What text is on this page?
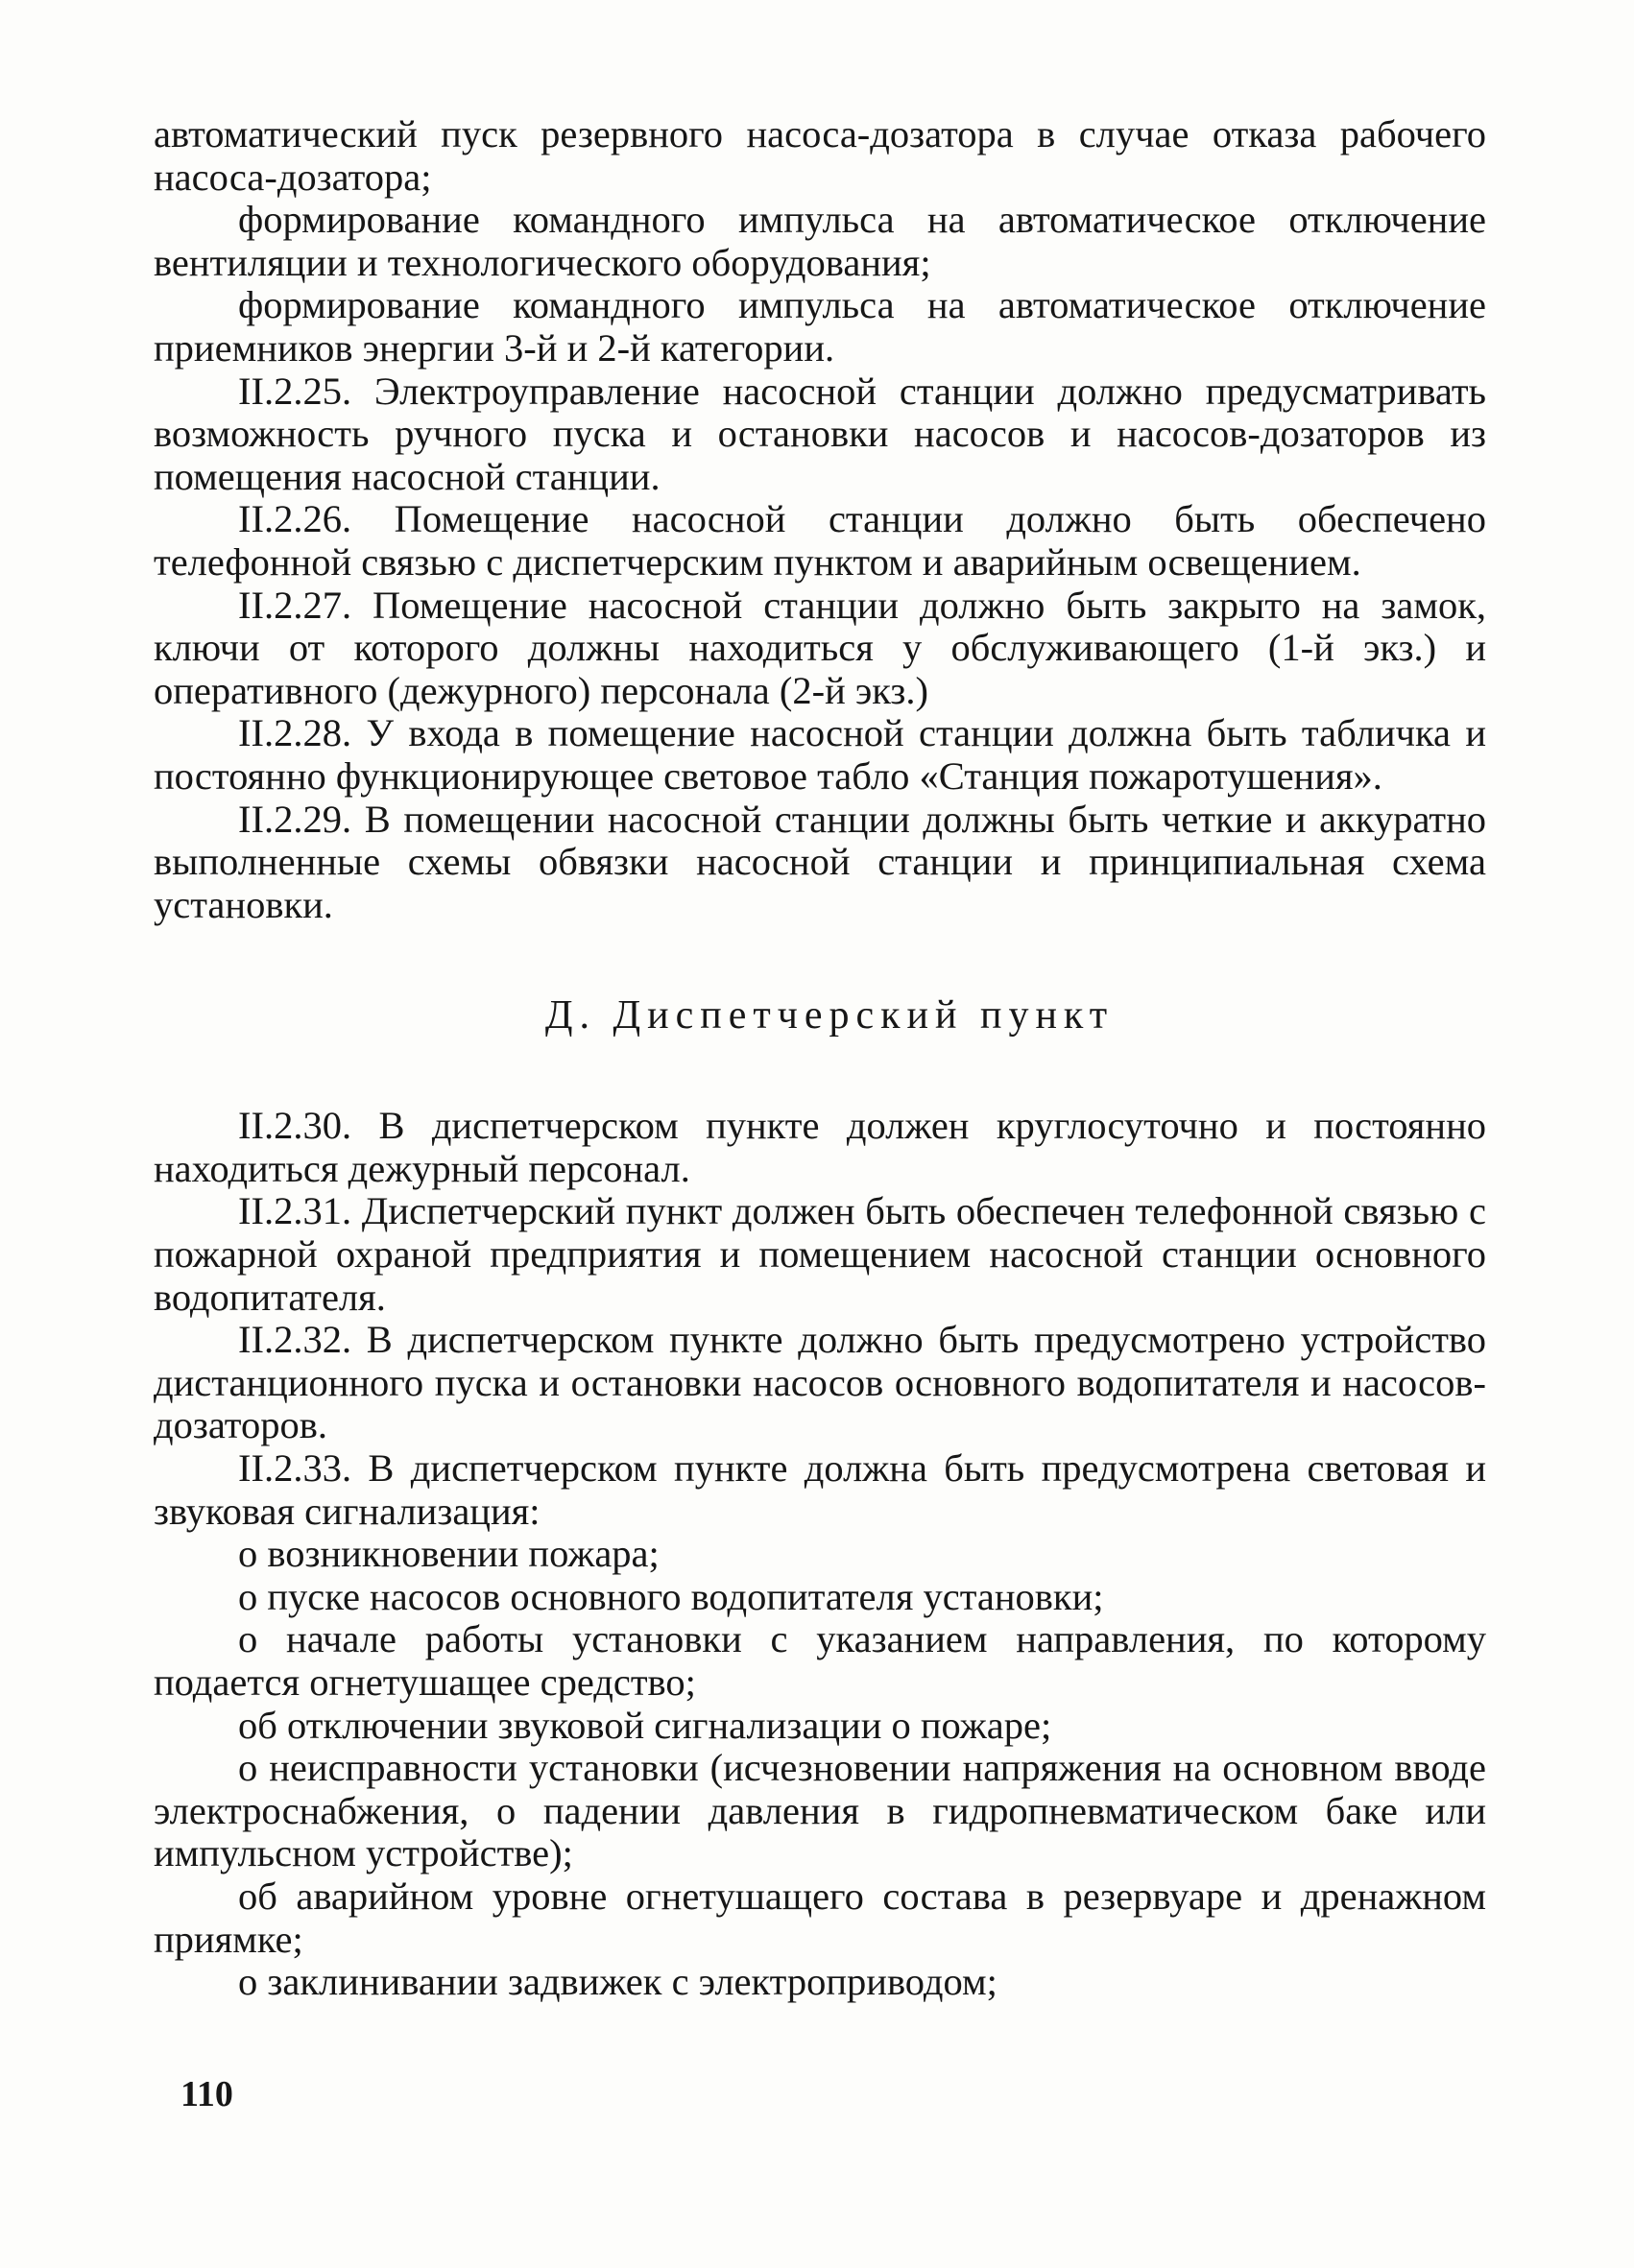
автоматический пуск резервного насоса-дозатора в случае отказа рабочего насоса-дозатора;

формирование командного импульса на автоматическое отключение вентиляции и технологического оборудования;

формирование командного импульса на автоматическое отключение приемников энергии 3-й и 2-й категории.

II.2.25. Электроуправление насосной станции должно предусматривать возможность ручного пуска и остановки насосов и насосов-дозаторов из помещения насосной станции.

II.2.26. Помещение насосной станции должно быть обеспечено телефонной связью с диспетчерским пунктом и аварийным освещением.

II.2.27. Помещение насосной станции должно быть закрыто на замок, ключи от которого должны находиться у обслуживающего (1-й экз.) и оперативного (дежурного) персонала (2-й экз.)

II.2.28. У входа в помещение насосной станции должна быть табличка и постоянно функционирующее световое табло «Станция пожаротушения».

II.2.29. В помещении насосной станции должны быть четкие и аккуратно выполненные схемы обвязки насосной станции и принципиальная схема установки.

Д. Диспетчерский пункт

II.2.30. В диспетчерском пункте должен круглосуточно и постоянно находиться дежурный персонал.

II.2.31. Диспетчерский пункт должен быть обеспечен телефонной связью с пожарной охраной предприятия и помещением насосной станции основного водопитателя.

II.2.32. В диспетчерском пункте должно быть предусмотрено устройство дистанционного пуска и остановки насосов основного водопитателя и насосов-дозаторов.

II.2.33. В диспетчерском пункте должна быть предусмотрена световая и звуковая сигнализация:

о возникновении пожара;

о пуске насосов основного водопитателя установки;

о начале работы установки с указанием направления, по которому подается огнетушащее средство;

об отключении звуковой сигнализации о пожаре;

о неисправности установки (исчезновении напряжения на основном вводе электроснабжения, о падении давления в гидропневматическом баке или импульсном устройстве);

об аварийном уровне огнетушащего состава в резервуаре и дренажном приямке;

о заклинивании задвижек с электроприводом;

110
